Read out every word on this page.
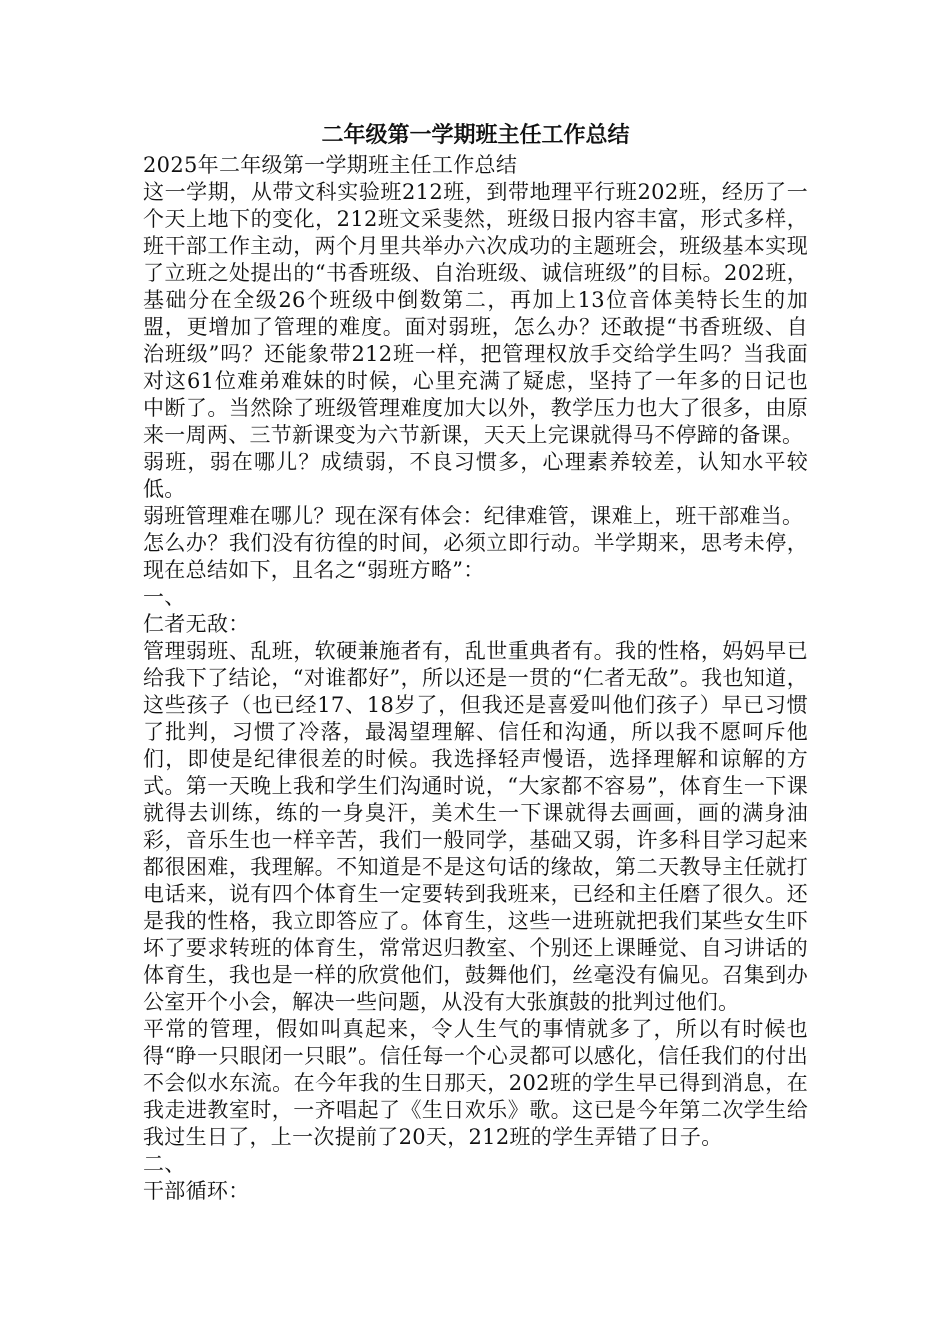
二年级第一学期班主任工作总结

2025年二年级第一学期班主任工作总结

这一学期，从带文科实验班212班，到带地理平行班202班，经历了一个天上地下的变化，212班文采斐然，班级日报内容丰富，形式多样，班干部工作主动，两个月里共举办六次成功的主题班会，班级基本实现了立班之处提出的“书香班级、自治班级、诚信班级”的目标。202班，基础分在全级26个班级中倒数第二，再加上13位音体美特长生的加盟，更增加了管理的难度。面对弱班，怎么办？还敢提“书香班级、自治班级”吗？还能象带212班一样，把管理权放手交给学生吗？当我面对这61位难弟难妹的时候，心里充满了疑虑，坚持了一年多的日记也中断了。当然除了班级管理难度加大以外，教学压力也大了很多，由原来一周两、三节新课变为六节新课，天天上完课就得马不停蹄的备课。

弱班，弱在哪儿？成绩弱，不良习惯多，心理素养较差，认知水平较低。

弱班管理难在哪儿？现在深有体会：纪律难管，课难上，班干部难当。

怎么办？我们没有彷徨的时间，必须立即行动。半学期来，思考未停，现在总结如下，且名之“弱班方略”：

一、

仁者无敌：

管理弱班、乱班，软硬兼施者有，乱世重典者有。我的性格，妈妈早已给我下了结论，“对谁都好”，所以还是一贯的“仁者无敌”。我也知道，这些孩子（也已经17、18岁了，但我还是喜爱叫他们孩子）早已习惯了批判，习惯了冷落，最渴望理解、信任和沟通，所以我不愿呵斥他们，即使是纪律很差的时候。我选择轻声慢语，选择理解和谅解的方式。第一天晚上我和学生们沟通时说，“大家都不容易”，体育生一下课就得去训练，练的一身臭汗，美术生一下课就得去画画，画的满身油彩，音乐生也一样辛苦，我们一般同学，基础又弱，许多科目学习起来都很困难，我理解。不知道是不是这句话的缘故，第二天教导主任就打电话来，说有四个体育生一定要转到我班来，已经和主任磨了很久。还是我的性格，我立即答应了。体育生，这些一进班就把我们某些女生吓坏了要求转班的体育生，常常迟归教室、个别还上课睡觉、自习讲话的体育生，我也是一样的欣赏他们，鼓舞他们，丝毫没有偏见。召集到办公室开个小会，解决一些问题，从没有大张旗鼓的批判过他们。

平常的管理，假如叫真起来，令人生气的事情就多了，所以有时候也得“睁一只眼闭一只眼”。信任每一个心灵都可以感化，信任我们的付出不会似水东流。在今年我的生日那天，202班的学生早已得到消息，在我走进教室时，一齐唱起了《生日欢乐》歌。这已是今年第二次学生给我过生日了，上一次提前了20天，212班的学生弄错了日子。

二、

干部循环：
